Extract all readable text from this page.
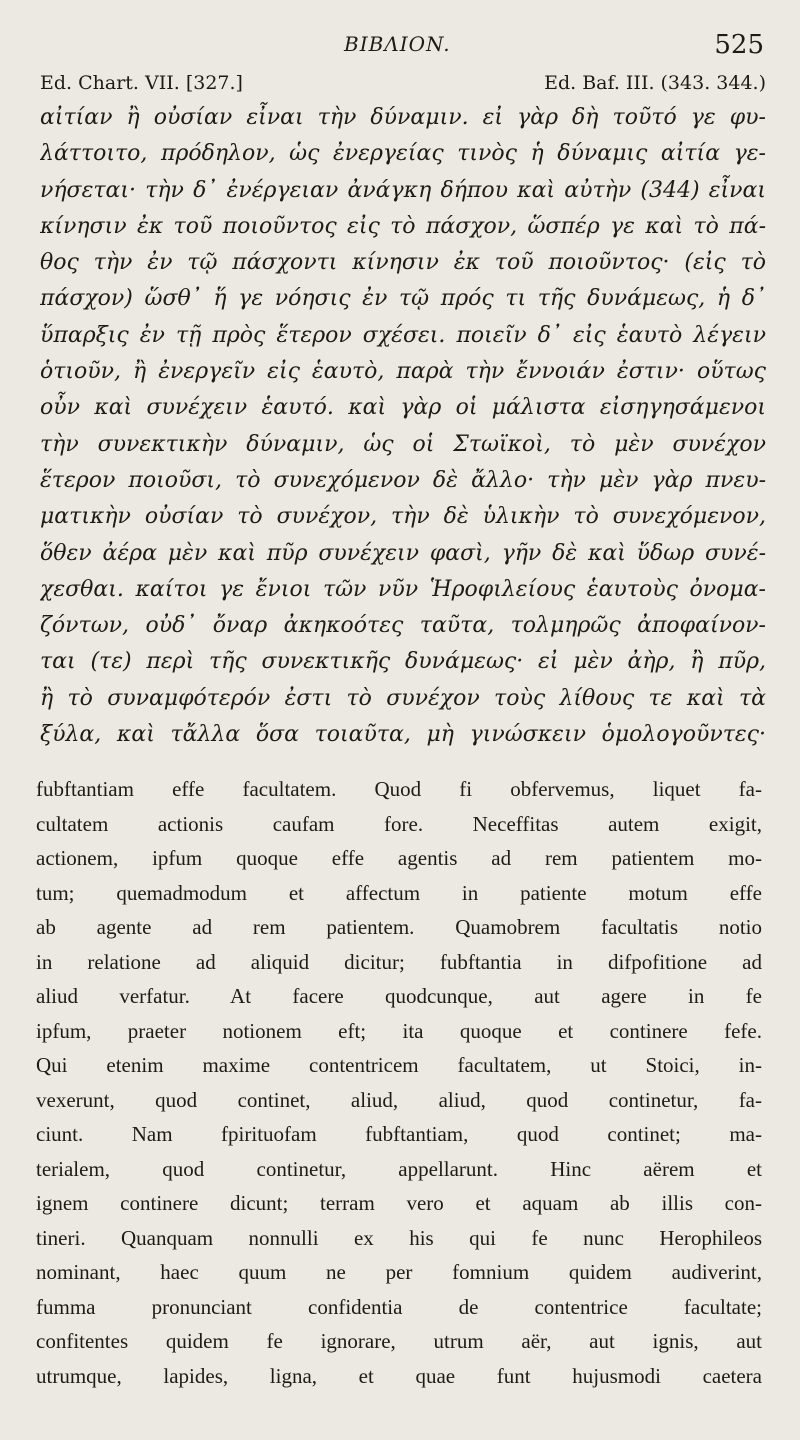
BIBΛION.	525
Ed. Chart. VII. [327.]	Ed. Baf. III. (343. 344.)
αἰτίαν ἢ οὐσίαν εἶναι τὴν δύναμιν. εἰ γὰρ δὴ τοῦτό γε φυ-
λάττοιτο, πρόδηλον, ὡς ἐνεργείας τινὸς ἡ δύναμις αἰτία γε-
νήσεται· τὴν δ᾽ ἐνέργειαν ἀνάγκη δήπου καὶ αὐτὴν (344) εἶναι
κίνησιν ἐκ τοῦ ποιοῦντος εἰς τὸ πάσχον, ὥσπέρ γε καὶ τὸ πά-
θος τὴν ἐν τῷ πάσχοντι κίνησιν ἐκ τοῦ ποιοῦντος· (εἰς τὸ
πάσχον) ὥσθ᾽ ἥ γε νόησις ἐν τῷ πρός τι τῆς δυνάμεως, ἡ δ᾽
ὕπαρξις ἐν τῇ πρὸς ἕτερον σχέσει. ποιεῖν δ᾽ εἰς ἑαυτὸ λέγειν
ὁτιοῦν, ἢ ἐνεργεῖν εἰς ἑαυτὸ, παρὰ τὴν ἔννοιάν ἐστιν· οὕτως
οὖν καὶ συνέχειν ἑαυτό. καὶ γὰρ οἱ μάλιστα εἰσηγησάμενοι
τὴν συνεκτικὴν δύναμιν, ὡς οἱ Στωϊκοὶ, τὸ μὲν συνέχον
ἕτερον ποιοῦσι, τὸ συνεχόμενον δὲ ἄλλο· τὴν μὲν γὰρ πνευ-
ματικὴν οὐσίαν τὸ συνέχον, τὴν δὲ ὑλικὴν τὸ συνεχόμενον,
ὅθεν ἀέρα μὲν καὶ πῦρ συνέχειν φασὶ, γῆν δὲ καὶ ὕδωρ συνέ-
χεσθαι. καίτοι γε ἔνιοι τῶν νῦν Ἡροφιλείους ἑαυτοὺς ὀνομα-
ζόντων, οὐδ᾽ ὄναρ ἀκηκοότες ταῦτα, τολμηρῶς ἀποφαίνον-
ται (τε) περὶ τῆς συνεκτικῆς δυνάμεως· εἰ μὲν ἀὴρ, ἢ πῦρ,
ἢ τὸ συναμφότερόν ἐστι τὸ συνέχον τοὺς λίθους τε καὶ τὰ
ξύλα, καὶ τἄλλα ὅσα τοιαῦτα, μὴ γινώσκειν ὁμολογοῦντες·
fubftantiam effe facultatem. Quod fi obfervemus, liquet fa-
cultatem actionis caufam fore. Neceffitas autem exigit,
actionem, ipfum quoque effe agentis ad rem patientem mo-
tum; quemadmodum et affectum in patiente motum effe
ab agente ad rem patientem. Quamobrem facultatis notio
in relatione ad aliquid dicitur; fubftantia in difpofitione ad
aliud verfatur. At facere quodcunque, aut agere in fe
ipfum, praeter notionem eft; ita quoque et continere fefe.
Qui etenim maxime contentricem facultatem, ut Stoici, in-
vexerunt, quod continet, aliud, aliud, quod continetur, fa-
ciunt. Nam fpirituofam fubftantiam, quod continet; ma-
terialem, quod continetur, appellarunt. Hinc aërem et
ignem continere dicunt; terram vero et aquam ab illis con-
tineri. Quanquam nonnulli ex his qui fe nunc Herophileos
nominant, haec quum ne per fomnium quidem audiverint,
fumma pronunciant confidentia de contentrice facultate;
confitentes quidem fe ignorare, utrum aër, aut ignis, aut
utrumque, lapides, ligna, et quae funt hujusmodi caetera
